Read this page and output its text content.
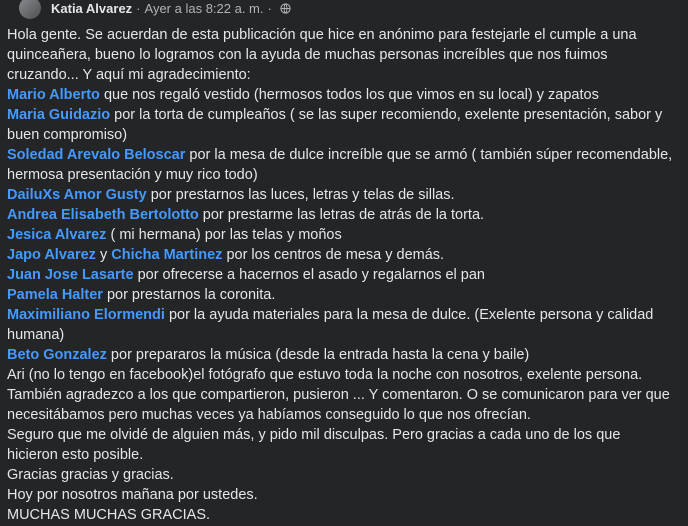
Katia Alvarez · Ayer a las 8:22 a. m. ·
Hola gente. Se acuerdan de esta publicación que hice en anónimo para festejarle el cumple a una
quinceañera, bueno lo logramos con la ayuda de muchas personas increíbles que nos fuimos
cruzando... Y aquí mi agradecimiento:
Mario Alberto que nos regaló vestido (hermosos todos los que vimos en su local) y zapatos
Maria Guidazio por la torta de cumpleaños ( se las super recomiendo, exelente presentación, sabor y
buen compromiso)
Soledad Arevalo Beloscar por la mesa de dulce increíble que se armó ( también súper recomendable,
hermosa presentación y muy rico todo)
DailuXs Amor Gusty por prestarnos las luces, letras y telas de sillas.
Andrea Elisabeth Bertolotto por prestarme las letras de atrás de la torta.
Jesica Alvarez ( mi hermana) por las telas y moños
Japo Alvarez y Chicha Martinez por los centros de mesa y demás.
Juan Jose Lasarte por ofrecerse a hacernos el asado y regalarnos el pan
Pamela Halter por prestarnos la coronita.
Maximiliano Elormendi por la ayuda materiales para la mesa de dulce. (Exelente persona y calidad
humana)
Beto Gonzalez por prepararos la música (desde la entrada hasta la cena y baile)
Ari (no lo tengo en facebook)el fotógrafo que estuvo toda la noche con nosotros, exelente persona.
También agradezco a los que compartieron, pusieron ... Y comentaron. O se comunicaron para ver que
necesitábamos pero muchas veces ya habíamos conseguido lo que nos ofrecían.
Seguro que me olvidé de alguien más, y pido mil disculpas. Pero gracias a cada uno de los que
hicieron esto posible.
Gracias gracias y gracias.
Hoy por nosotros mañana por ustedes.
MUCHAS MUCHAS GRACIAS.
